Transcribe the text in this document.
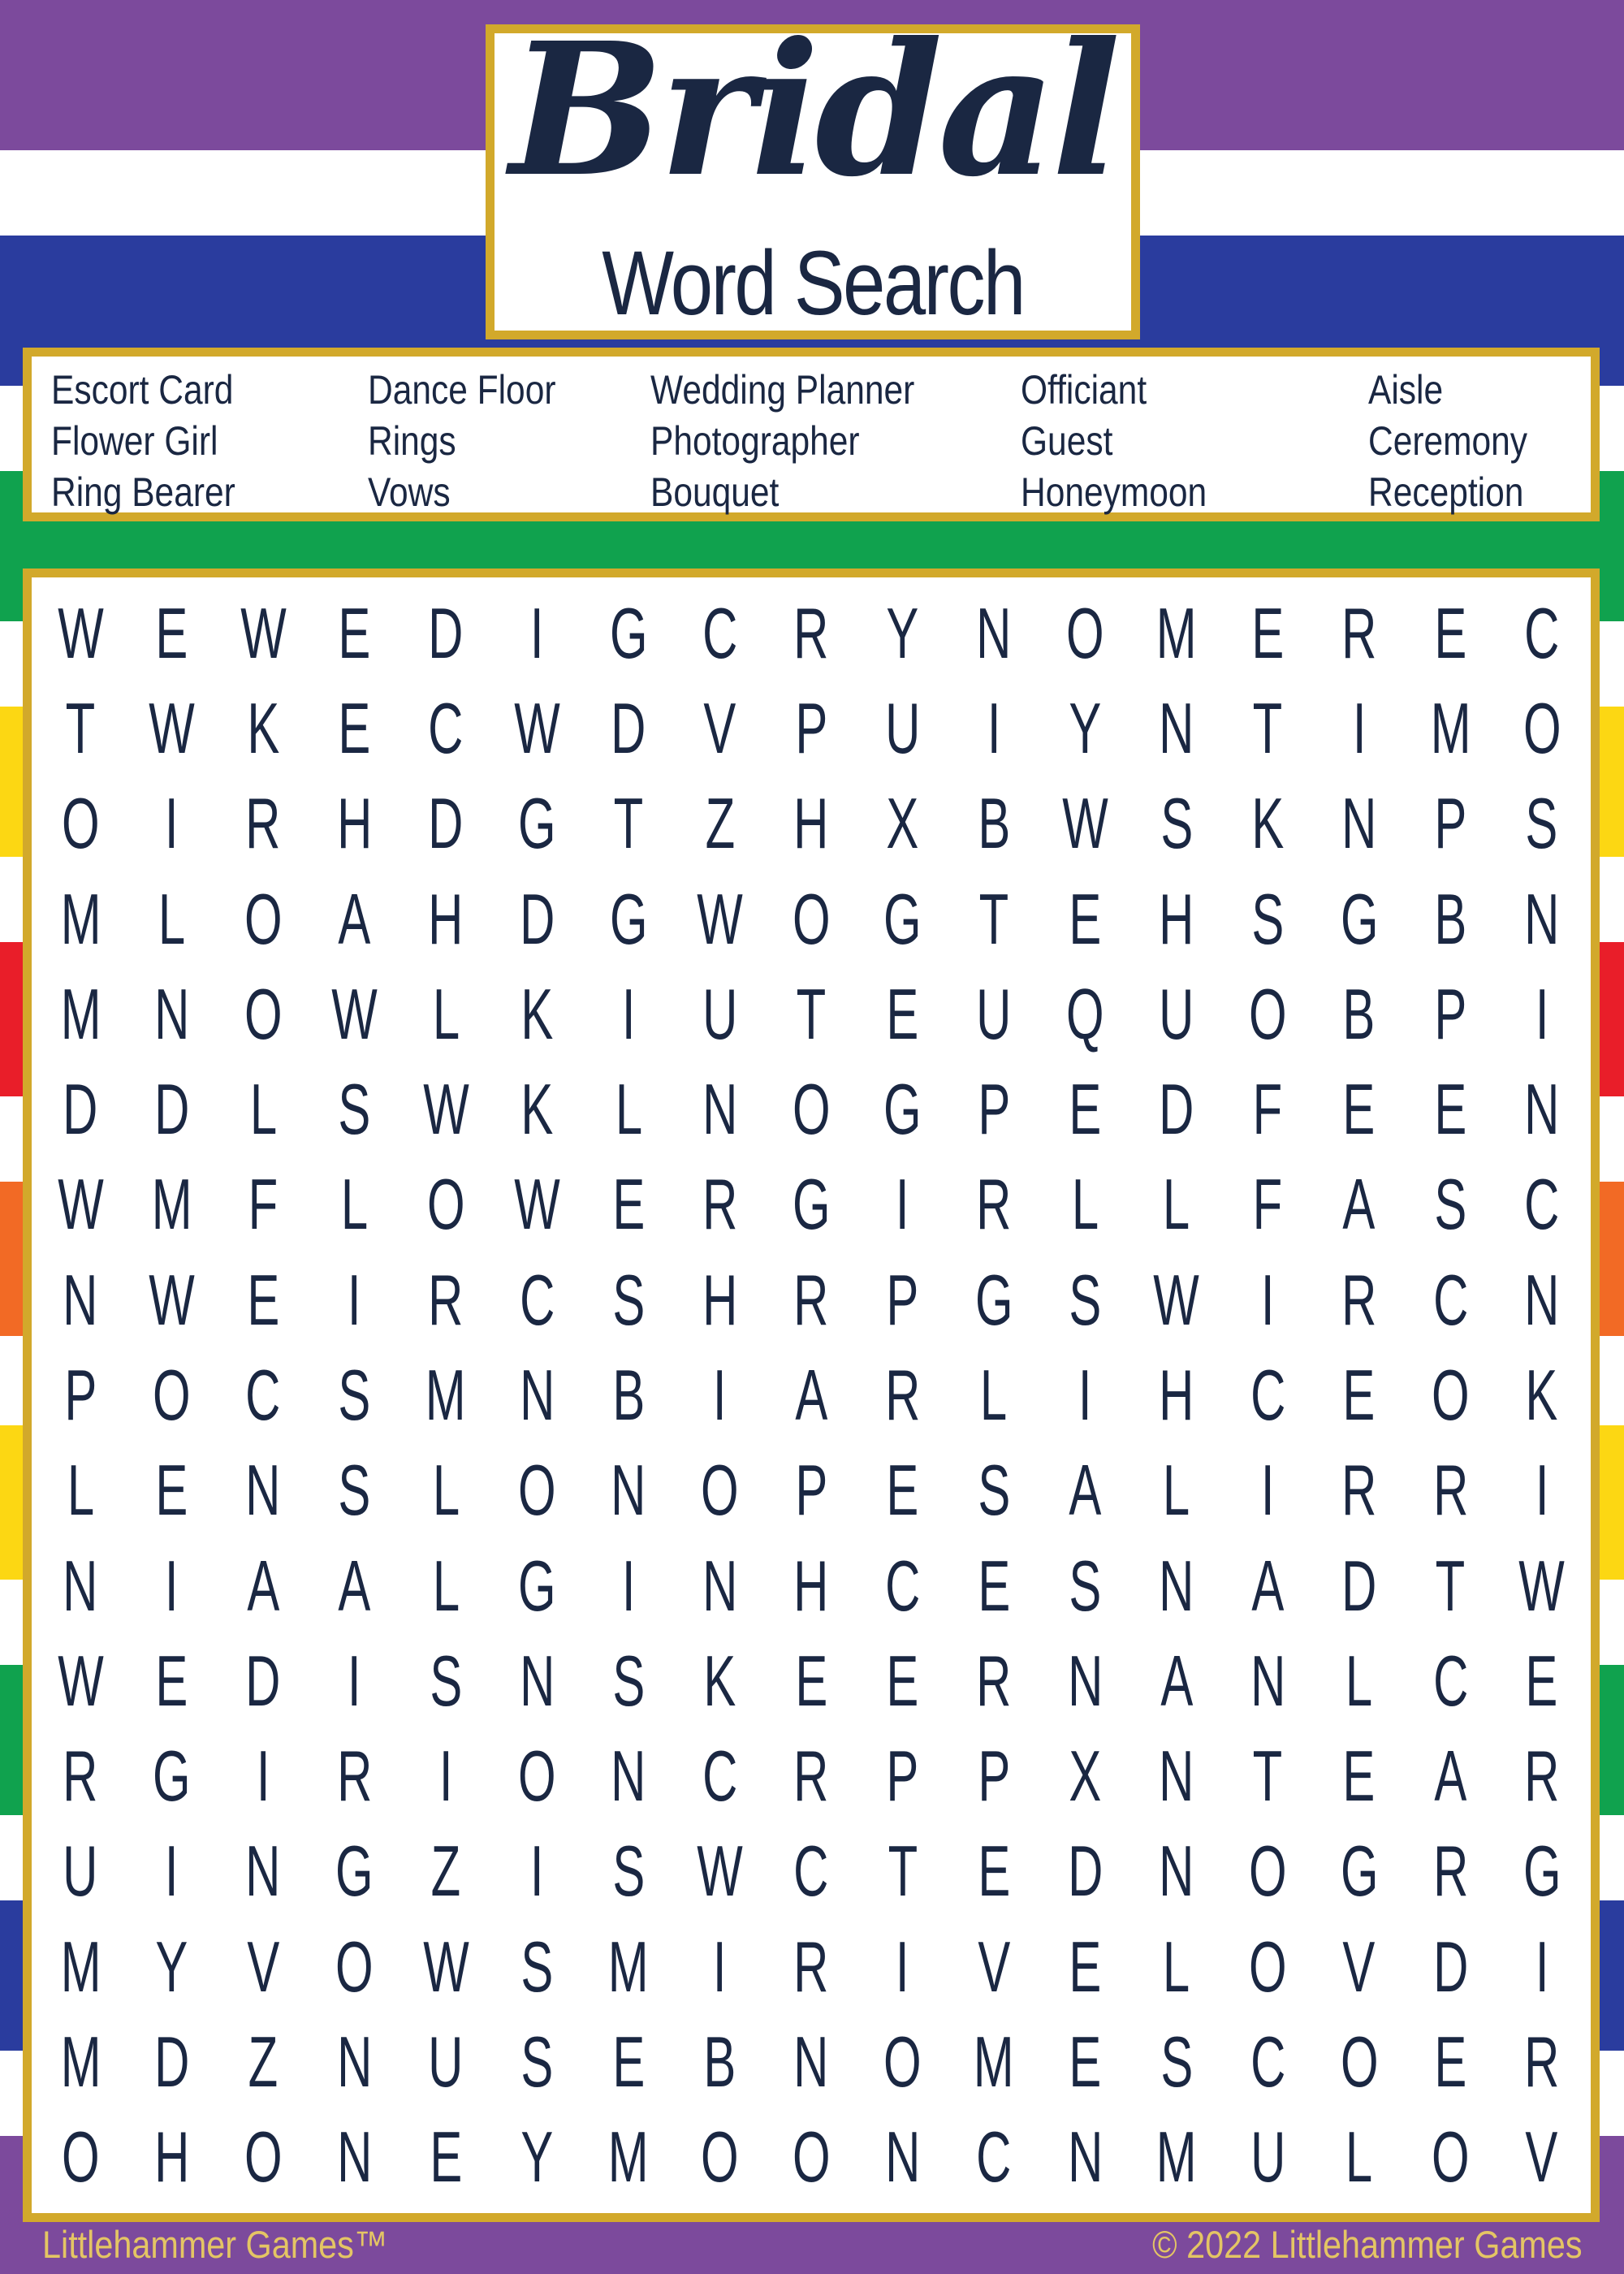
Bridal
Word Search
Escort Card
Flower Girl
Ring Bearer
Dance Floor
Rings
Vows
Wedding Planner
Photographer
Bouquet
Officiant
Guest
Honeymoon
Aisle
Ceremony
Reception
W E W E D I G C R Y N O M E R E C
T W K E C W D V P U I Y N T I M O
O I R H D G T Z H X B W S K N P S
M L O A H D G W O G T E H S G B N
M N O W L K I U T E U Q U O B P I
D D L S W K L N O G P E D F E E N
W M F L O W E R G I R L L F A S C
N W E I R C S H R P G S W I R C N
P O C S M N B I A R L I H C E O K
L E N S L O N O P E S A L I R R I
N I A A L G I N H C E S N A D T W
W E D I S N S K E E R N A N L C E
R G I R I O N C R P P X N T E A R
U I N G Z I S W C T E D N O G R G
M Y V O W S M I R I V E L O V D I
M D Z N U S E B N O M E S C O E R
O H O N E Y M O O N C N M U L O V
Littlehammer Games™	© 2022 Littlehammer Games
